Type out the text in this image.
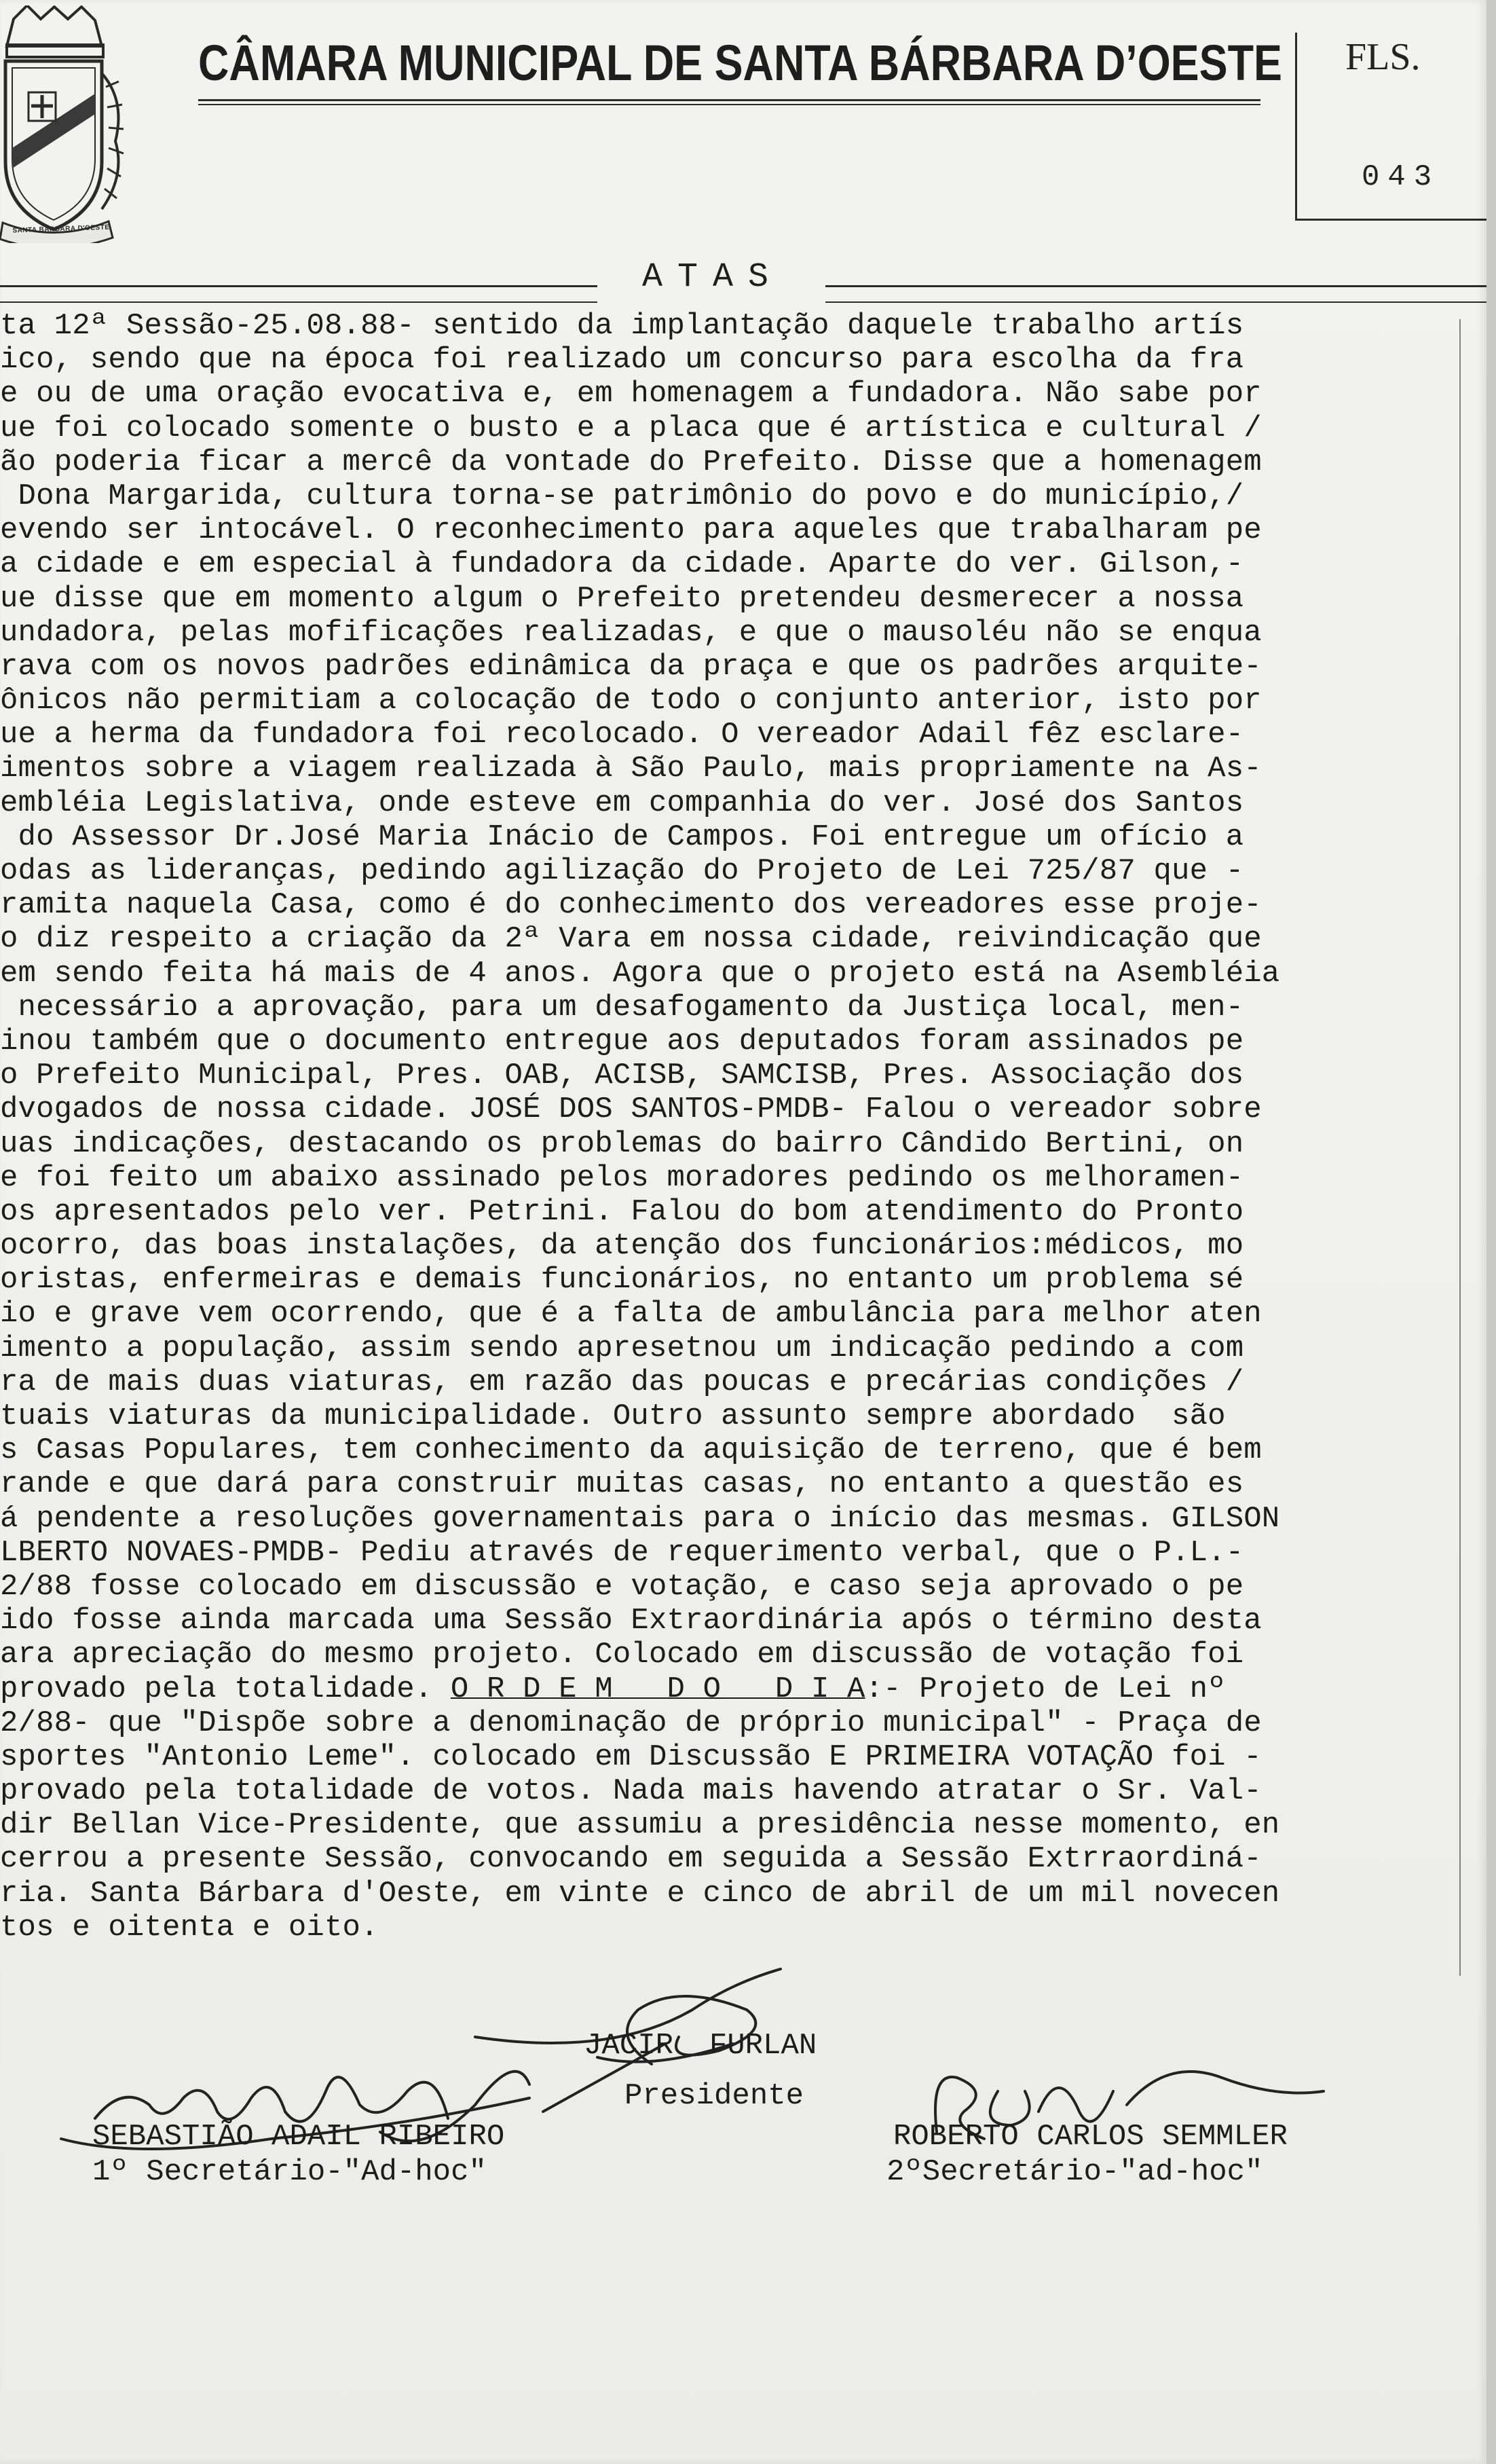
SANTA BÁRBARA D'OESTE
CÂMARA MUNICIPAL DE SANTA BÁRBARA D’OESTE FLS.
043
ATAS
ta 12ª Sessão-25.08.88- sentido da implantação daquele trabalho artís
ico, sendo que na época foi realizado um concurso para escolha da fra
e ou de uma oração evocativa e, em homenagem a fundadora. Não sabe por
ue foi colocado somente o busto e a placa que é artística e cultural /
ão poderia ficar a mercê da vontade do Prefeito. Disse que a homenagem
Dona Margarida, cultura torna-se patrimônio do povo e do município,/
evendo ser intocável. O reconhecimento para aqueles que trabalharam pe
a cidade e em especial à fundadora da cidade. Aparte do ver. Gilson,-
ue disse que em momento algum o Prefeito pretendeu desmerecer a nossa
undadora, pelas mofificações realizadas, e que o mausoléu não se enqua
rava com os novos padrões edinâmica da praça e que os padrões arquite-
ônicos não permitiam a colocação de todo o conjunto anterior, isto por
ue a herma da fundadora foi recolocado. O vereador Adail fêz esclare-
imentos sobre a viagem realizada à São Paulo, mais propriamente na As-
embléia Legislativa, onde esteve em companhia do ver. José dos Santos
do Assessor Dr.José Maria Inácio de Campos. Foi entregue um ofício a
odas as lideranças, pedindo agilização do Projeto de Lei 725/87 que -
ramita naquela Casa, como é do conhecimento dos vereadores esse proje-
o diz respeito a criação da 2ª Vara em nossa cidade, reivindicação que
em sendo feita há mais de 4 anos. Agora que o projeto está na Asembléia
necessário a aprovação, para um desafogamento da Justiça local, men-
inou também que o documento entregue aos deputados foram assinados pe
o Prefeito Municipal, Pres. OAB, ACISB, SAMCISB, Pres. Associação dos
dvogados de nossa cidade. JOSÉ DOS SANTOS-PMDB- Falou o vereador sobre
uas indicações, destacando os problemas do bairro Cândido Bertini, on
e foi feito um abaixo assinado pelos moradores pedindo os melhoramen-
os apresentados pelo ver. Petrini. Falou do bom atendimento do Pronto
ocorro, das boas instalações, da atenção dos funcionários:médicos, mo
oristas, enfermeiras e demais funcionários, no entanto um problema sé
io e grave vem ocorrendo, que é a falta de ambulância para melhor aten
imento a população, assim sendo apresetnou um indicação pedindo a com
ra de mais duas viaturas, em razão das poucas e precárias condições /
tuais viaturas da municipalidade. Outro assunto sempre abordado  são
s Casas Populares, tem conhecimento da aquisição de terreno, que é bem
rande e que dará para construir muitas casas, no entanto a questão es
á pendente a resoluções governamentais para o início das mesmas. GILSON
LBERTO NOVAES-PMDB- Pediu através de requerimento verbal, que o P.L.-
2/88 fosse colocado em discussão e votação, e caso seja aprovado o pe
ido fosse ainda marcada uma Sessão Extraordinária após o término desta
ara apreciação do mesmo projeto. Colocado em discussão de votação foi
provado pela totalidade. O R D E M   D O   D I A:- Projeto de Lei nº
2/88- que "Dispõe sobre a denominação de próprio municipal" - Praça de
sportes "Antonio Leme". colocado em Discussão E PRIMEIRA VOTAÇÃO foi -
provado pela totalidade de votos. Nada mais havendo atratar o Sr. Val-
dir Bellan Vice-Presidente, que assumiu a presidência nesse momento, en
cerrou a presente Sessão, convocando em seguida a Sessão Extrraordiná-
ria. Santa Bárbara d'Oeste, em vinte e cinco de abril de um mil novecen
tos e oitenta e oito.
JACIR  FURLAN
Presidente
SEBASTIÃO ADAIL RIBEIRO
1º Secretário-"Ad-hoc"
ROBERTO CARLOS SEMMLER
2ºSecretário-"ad-hoc"
